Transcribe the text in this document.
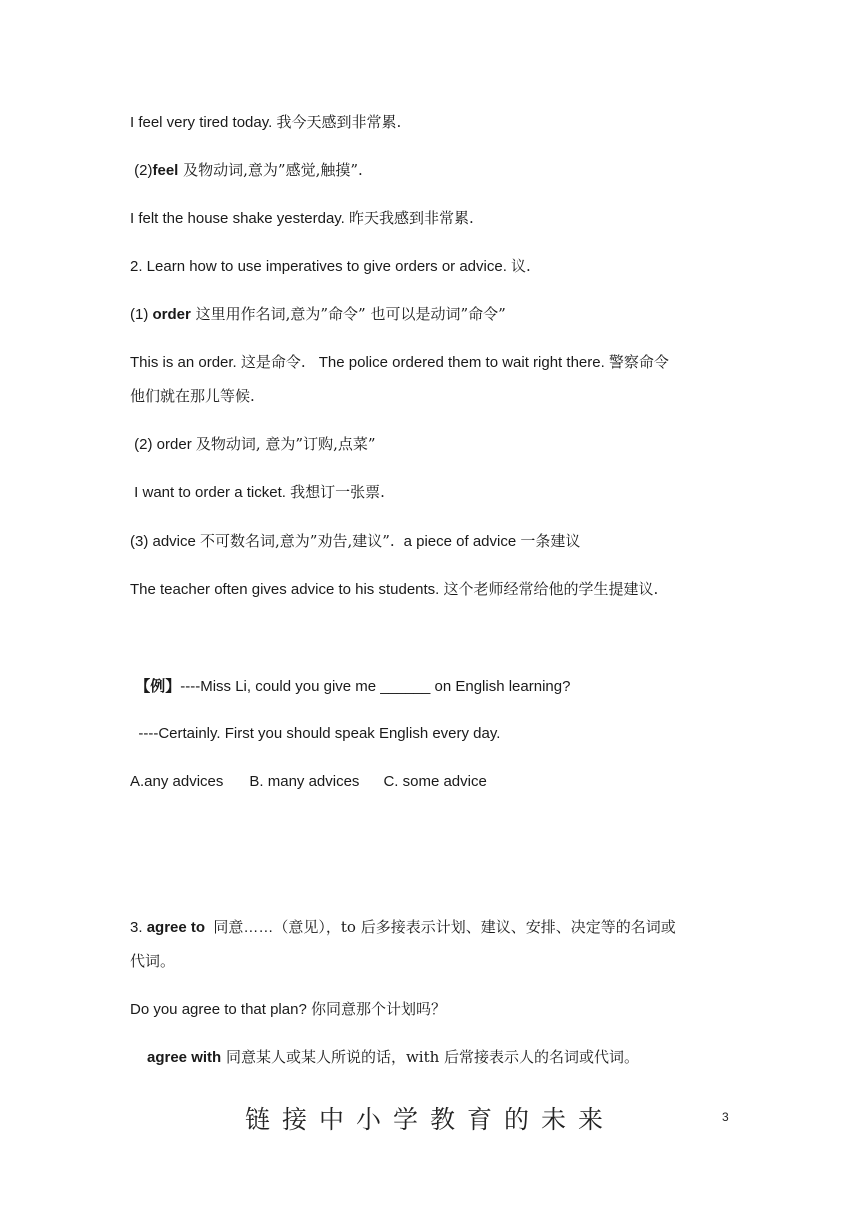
I feel very tired today. 我今天感到非常累.
(2)feel 及物动词,意为”感觉,触摸”.
I felt the house shake yesterday. 昨天我感到非常累.
2. Learn how to use imperatives to give orders or advice. 议.
(1) order 这里用作名词,意为”命令” 也可以是动词”命令”
This is an order. 这是命令.   The police ordered them to wait right there. 警察命令
他们就在那儿等候.
(2) order 及物动词, 意为”订购,点菜”
I want to order a ticket. 我想订一张票.
(3) advice 不可数名词,意为”劝告,建议”.  a piece of advice 一条建议
The teacher often gives advice to his students. 这个老师经常给他的学生提建议.
【例】----Miss Li, could you give me ______ on English learning?
----Certainly. First you should speak English every day.
A.any advices B. many advices C. some advice
3. agree to  同意……（意见），to 后多接表示计划、建议、安排、决定等的名词或
代词。
Do you agree to that plan? 你同意那个计划吗？
agree with 同意某人或某人所说的话，with 后常接表示人的名词或代词。
链接中小学教育的未来	3
